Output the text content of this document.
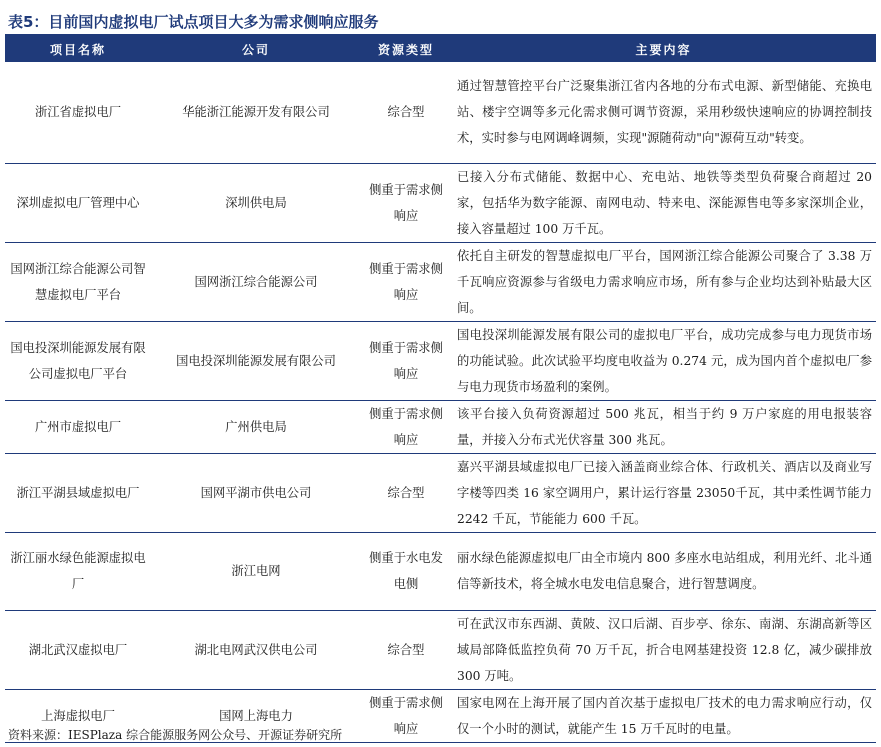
表5：目前国内虚拟电厂试点项目大多为需求侧响应服务
项目名称	公司	资源类型	主要内容
浙江省虚拟电厂	华能浙江能源开发有限公司	综合型	通过智慧管控平台广泛聚集浙江省内各地的分布式电源、新型储能、充换电站、楼宇空调等多元化需求侧可调节资源，采用秒级快速响应的协调控制技术，实时参与电网调峰调频，实现"源随荷动"向"源荷互动"转变。
深圳虚拟电厂管理中心	深圳供电局	侧重于需求侧响应	已接入分布式储能、数据中心、充电站、地铁等类型负荷聚合商超过 20 家，包括华为数字能源、南网电动、特来电、深能源售电等多家深圳企业，接入容量超过 100 万千瓦。
国网浙江综合能源公司智慧虚拟电厂平台	国网浙江综合能源公司	侧重于需求侧响应	依托自主研发的智慧虚拟电厂平台，国网浙江综合能源公司聚合了 3.38 万千瓦响应资源参与省级电力需求响应市场，所有参与企业均达到补贴最大区间。
国电投深圳能源发展有限公司虚拟电厂平台	国电投深圳能源发展有限公司	侧重于需求侧响应	国电投深圳能源发展有限公司的虚拟电厂平台，成功完成参与电力现货市场的功能试验。此次试验平均度电收益为 0.274 元，成为国内首个虚拟电厂参与电力现货市场盈利的案例。
广州市虚拟电厂	广州供电局	侧重于需求侧响应	该平台接入负荷资源超过 500 兆瓦，相当于约 9 万户家庭的用电报装容量，并接入分布式光伏容量 300 兆瓦。
浙江平湖县域虚拟电厂	国网平湖市供电公司	综合型	嘉兴平湖县域虚拟电厂已接入涵盖商业综合体、行政机关、酒店以及商业写字楼等四类 16 家空调用户，累计运行容量 23050千瓦，其中柔性调节能力 2242 千瓦，节能能力 600 千瓦。
浙江丽水绿色能源虚拟电厂	浙江电网	侧重于水电发电侧	丽水绿色能源虚拟电厂由全市境内 800 多座水电站组成，利用光纤、北斗通信等新技术，将全城水电发电信息聚合，进行智慧调度。
湖北武汉虚拟电厂	湖北电网武汉供电公司	综合型	可在武汉市东西湖、黄陂、汉口后湖、百步亭、徐东、南湖、东湖高新等区域局部降低监控负荷 70 万千瓦，折合电网基建投资 12.8 亿，减少碳排放 300 万吨。
上海虚拟电厂	国网上海电力	侧重于需求侧响应	国家电网在上海开展了国内首次基于虚拟电厂技术的电力需求响应行动，仅仅一个小时的测试，就能产生 15 万千瓦时的电量。
资料来源：IESPlaza 综合能源服务网公众号、开源证券研究所
